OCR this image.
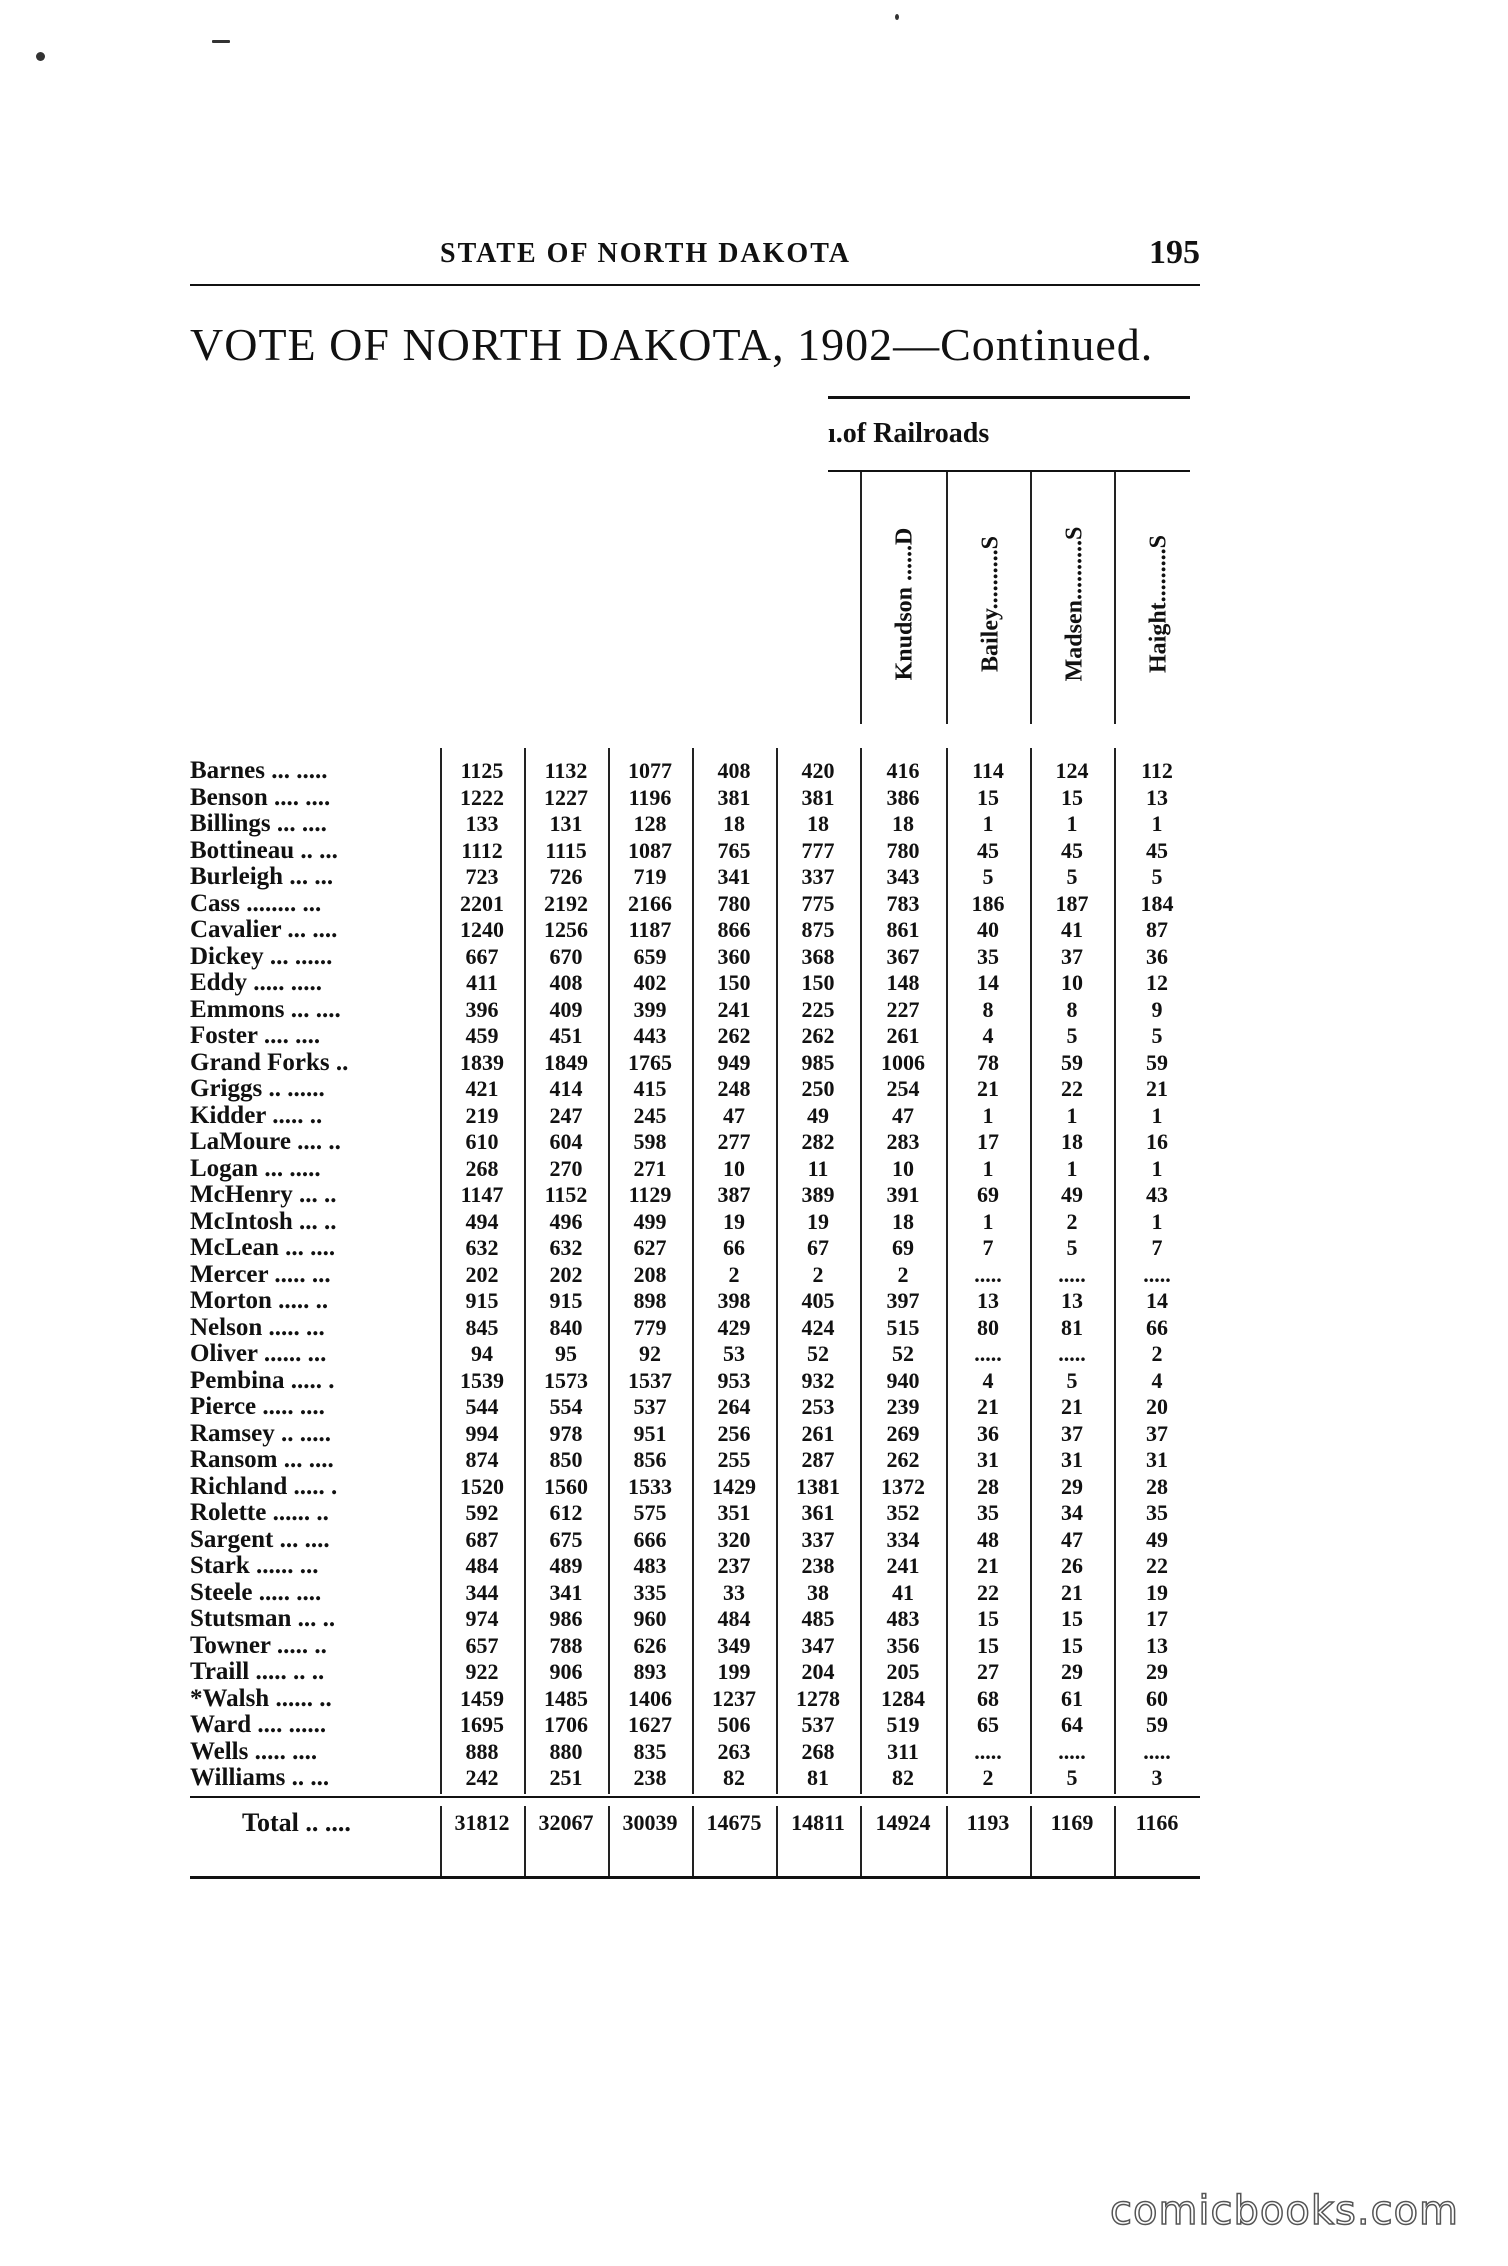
STATE OF NORTH DAKOTA	195
VOTE OF NORTH DAKOTA, 1902—Continued.
ı.of Railroads
Knudson ......D	Bailey..........S Madsen..........S Haight.........S
Barnes ... .....	1125	1132	1077	408	420	416	114	124	112
Benson .... ....	1222	1227	1196	381	381	386	15	15	13
Billings ... ....	133	131	128	18	18	18	1	1	1
Bottineau .. ...	1112	1115	1087	765	777	780	45	45	45
Burleigh ... ...	723	726	719	341	337	343	5	5	5
Cass ........ ...	2201	2192	2166	780	775	783	186	187	184
Cavalier ... ....	1240	1256	1187	866	875	861	40	41	87
Dickey ... ......	667	670	659	360	368	367	35	37	36
Eddy ..... .....	411	408	402	150	150	148	14	10	12
Emmons ... ....	396	409	399	241	225	227	8	8	9
Foster .... ....	459	451	443	262	262	261	4	5	5
Grand Forks ..	1839	1849	1765	949	985	1006	78	59	59
Griggs .. ......	421	414	415	248	250	254	21	22	21
Kidder ..... ..	219	247	245	47	49	47	1	1	1
LaMoure .... ..	610	604	598	277	282	283	17	18	16
Logan ... .....	268	270	271	10	11	10	1	1	1
McHenry ... ..	1147	1152	1129	387	389	391	69	49	43
McIntosh ... ..	494	496	499	19	19	18	1	2	1
McLean ... ....	632	632	627	66	67	69	7	5	7
Mercer ..... ...	202	202	208	2	2	2	.....	.....	.....
Morton ..... ..	915	915	898	398	405	397	13	13	14
Nelson ..... ...	845	840	779	429	424	515	80	81	66
Oliver ...... ...	94	95	92	53	52	52	.....	.....	2
Pembina ..... .	1539	1573	1537	953	932	940	4	5	4
Pierce ..... ....	544	554	537	264	253	239	21	21	20
Ramsey .. .....	994	978	951	256	261	269	36	37	37
Ransom ... ....	874	850	856	255	287	262	31	31	31
Richland ..... .	1520	1560	1533	1429	1381	1372	28	29	28
Rolette ...... ..	592	612	575	351	361	352	35	34	35
Sargent ... ....	687	675	666	320	337	334	48	47	49
Stark ...... ...	484	489	483	237	238	241	21	26	22
Steele ..... ....	344	341	335	33	38	41	22	21	19
Stutsman ... ..	974	986	960	484	485	483	15	15	17
Towner ..... ..	657	788	626	349	347	356	15	15	13
Traill ..... .. ..	922	906	893	199	204	205	27	29	29
*Walsh ...... ..	1459	1485	1406	1237	1278	1284	68	61	60
Ward .... ......	1695	1706	1627	506	537	519	65	64	59
Wells ..... ....	888	880	835	263	268	311	.....	.....	.....
Williams .. ...	242	251	238	82	81	82	2	5	3
Total .. ....	31812	32067	30039	14675	14811	14924	1193	1169	1166
comicbooks.com
